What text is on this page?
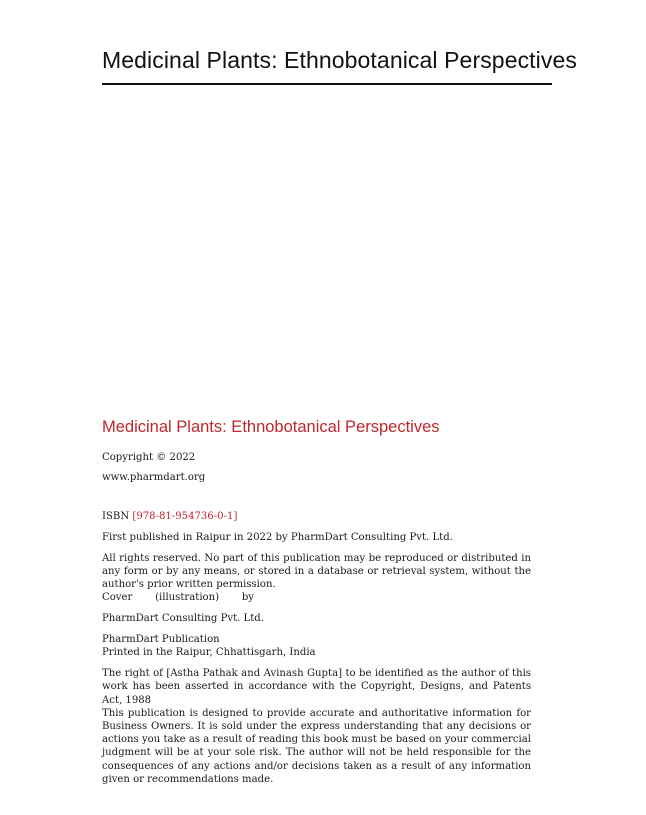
Medicinal Plants: Ethnobotanical Perspectives

Medicinal Plants: Ethnobotanical Perspectives

Copyright © 2022

www.pharmdart.org

ISBN [978-81-954736-0-1]

First published in Raipur in 2022 by PharmDart Consulting Pvt. Ltd.

All rights reserved. No part of this publication may be reproduced or distributed in any form or by any means, or stored in a database or retrieval system, without the author's prior written permission.

Cover (illustration) by

PharmDart Consulting Pvt. Ltd.

PharmDart Publication

Printed in the Raipur, Chhattisgarh, India

The right of [Astha Pathak and Avinash Gupta] to be identified as the author of this work has been asserted in accordance with the Copyright, Designs, and Patents Act, 1988

This publication is designed to provide accurate and authoritative information for Business Owners. It is sold under the express understanding that any decisions or actions you take as a result of reading this book must be based on your commercial judgment will be at your sole risk. The author will not be held responsible for the consequences of any actions and/or decisions taken as a result of any information given or recommendations made.
